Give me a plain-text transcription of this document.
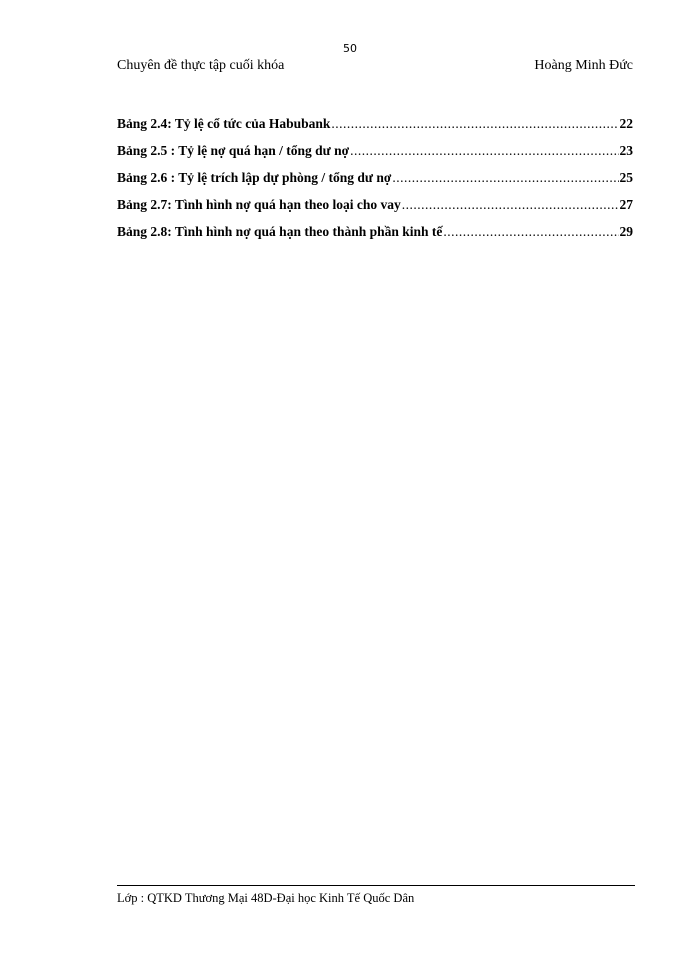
50
Chuyên đề thực tập cuối khóa	Hoàng Minh Đức
Bảng 2.4: Tỷ lệ cổ tức của Habubank .....	22
Bảng 2.5 : Tỷ lệ nợ quá hạn / tổng dư nợ .....	23
Bảng 2.6 : Tỷ lệ trích lập dự phòng / tổng dư nợ .....	25
Bảng 2.7: Tình hình nợ quá hạn theo loại cho vay .....	27
Bảng 2.8: Tình hình nợ quá hạn theo thành phần kinh tế .....	29
Lớp : QTKD Thương Mại 48D-Đại học Kinh Tế Quốc Dân
